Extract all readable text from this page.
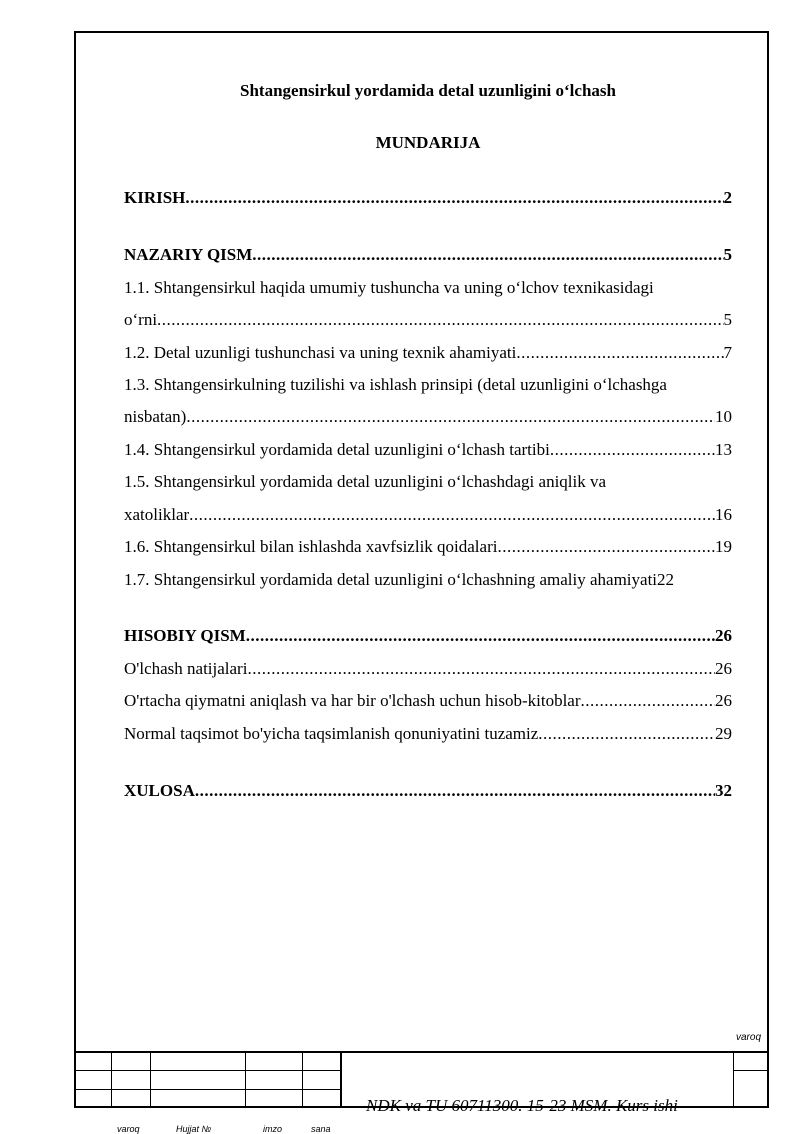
Shtangensirkul yordamida detal uzunligini o‘lchash
MUNDARIJA
KIRISH .....	2
NAZARIY QISM .....	5
1.1. Shtangensirkul haqida umumiy tushuncha va uning o‘lchov texnikasidagi
o‘rni .....	5
1.2. Detal uzunligi tushunchasi va uning texnik ahamiyati .....	7
1.3. Shtangensirkulning tuzilishi va ishlash prinsipi (detal uzunligini o‘lchashga
nisbatan) .....	10
1.4. Shtangensirkul yordamida detal uzunligini o‘lchash tartibi .....	13
1.5. Shtangensirkul yordamida detal uzunligini o‘lchashdagi aniqlik va
xatoliklar .....	16
1.6. Shtangensirkul bilan ishlashda xavfsizlik qoidalari .....	19
1.7. Shtangensirkul yordamida detal uzunligini o‘lchashning amaliy ahamiyati 22
HISOBIY QISM .....	26
O'lchash natijalari .....	26
O'rtacha qiymatni aniqlash va har bir o'lchash uchun hisob-kitoblar .....	26
Normal taqsimot bo'yicha taqsimlanish qonuniyatini tuzamiz .....	29
XULOSA .....	32
varoq
NDK va TU 60711300. 15-23 MSM. Kurs ishi
varoq	Hujjat №	imzo	sana
